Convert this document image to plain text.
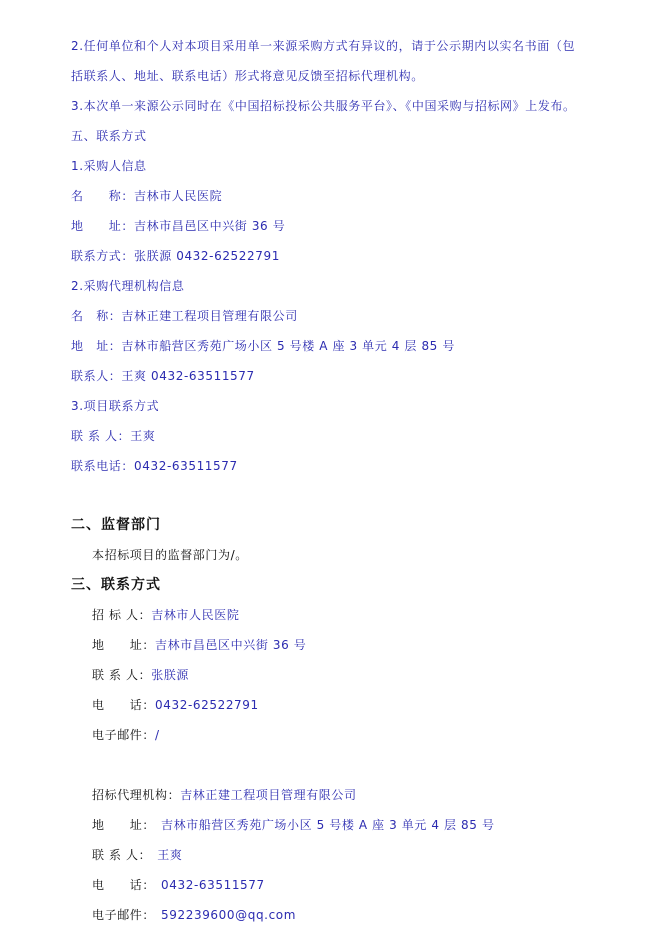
2.任何单位和个人对本项目采用单一来源采购方式有异议的，请于公示期内以实名书面（包
括联系人、地址、联系电话）形式将意见反馈至招标代理机构。
3.本次单一来源公示同时在《中国招标投标公共服务平台》、《中国采购与招标网》上发布。
五、联系方式
1.采购人信息
名　　称：吉林市人民医院
地　　址：吉林市昌邑区中兴街 36 号
联系方式：张朕源 0432-62522791
2.采购代理机构信息
名　称：吉林正建工程项目管理有限公司
地　址：吉林市船营区秀苑广场小区 5 号楼 A 座 3 单元 4 层 85 号
联系人：王爽 0432-63511577
3.项目联系方式
联 系 人：王爽
联系电话：0432-63511577
二、监督部门
本招标项目的监督部门为/。
三、联系方式
招 标 人：吉林市人民医院
地　　址：吉林市昌邑区中兴街 36 号
联 系 人：张朕源
电　　话：0432-62522791
电子邮件：/
招标代理机构：吉林正建工程项目管理有限公司
地　　址： 吉林市船营区秀苑广场小区 5 号楼 A 座 3 单元 4 层 85 号
联 系 人： 王爽
电　　话： 0432-63511577
电子邮件： 592239600@qq.com
